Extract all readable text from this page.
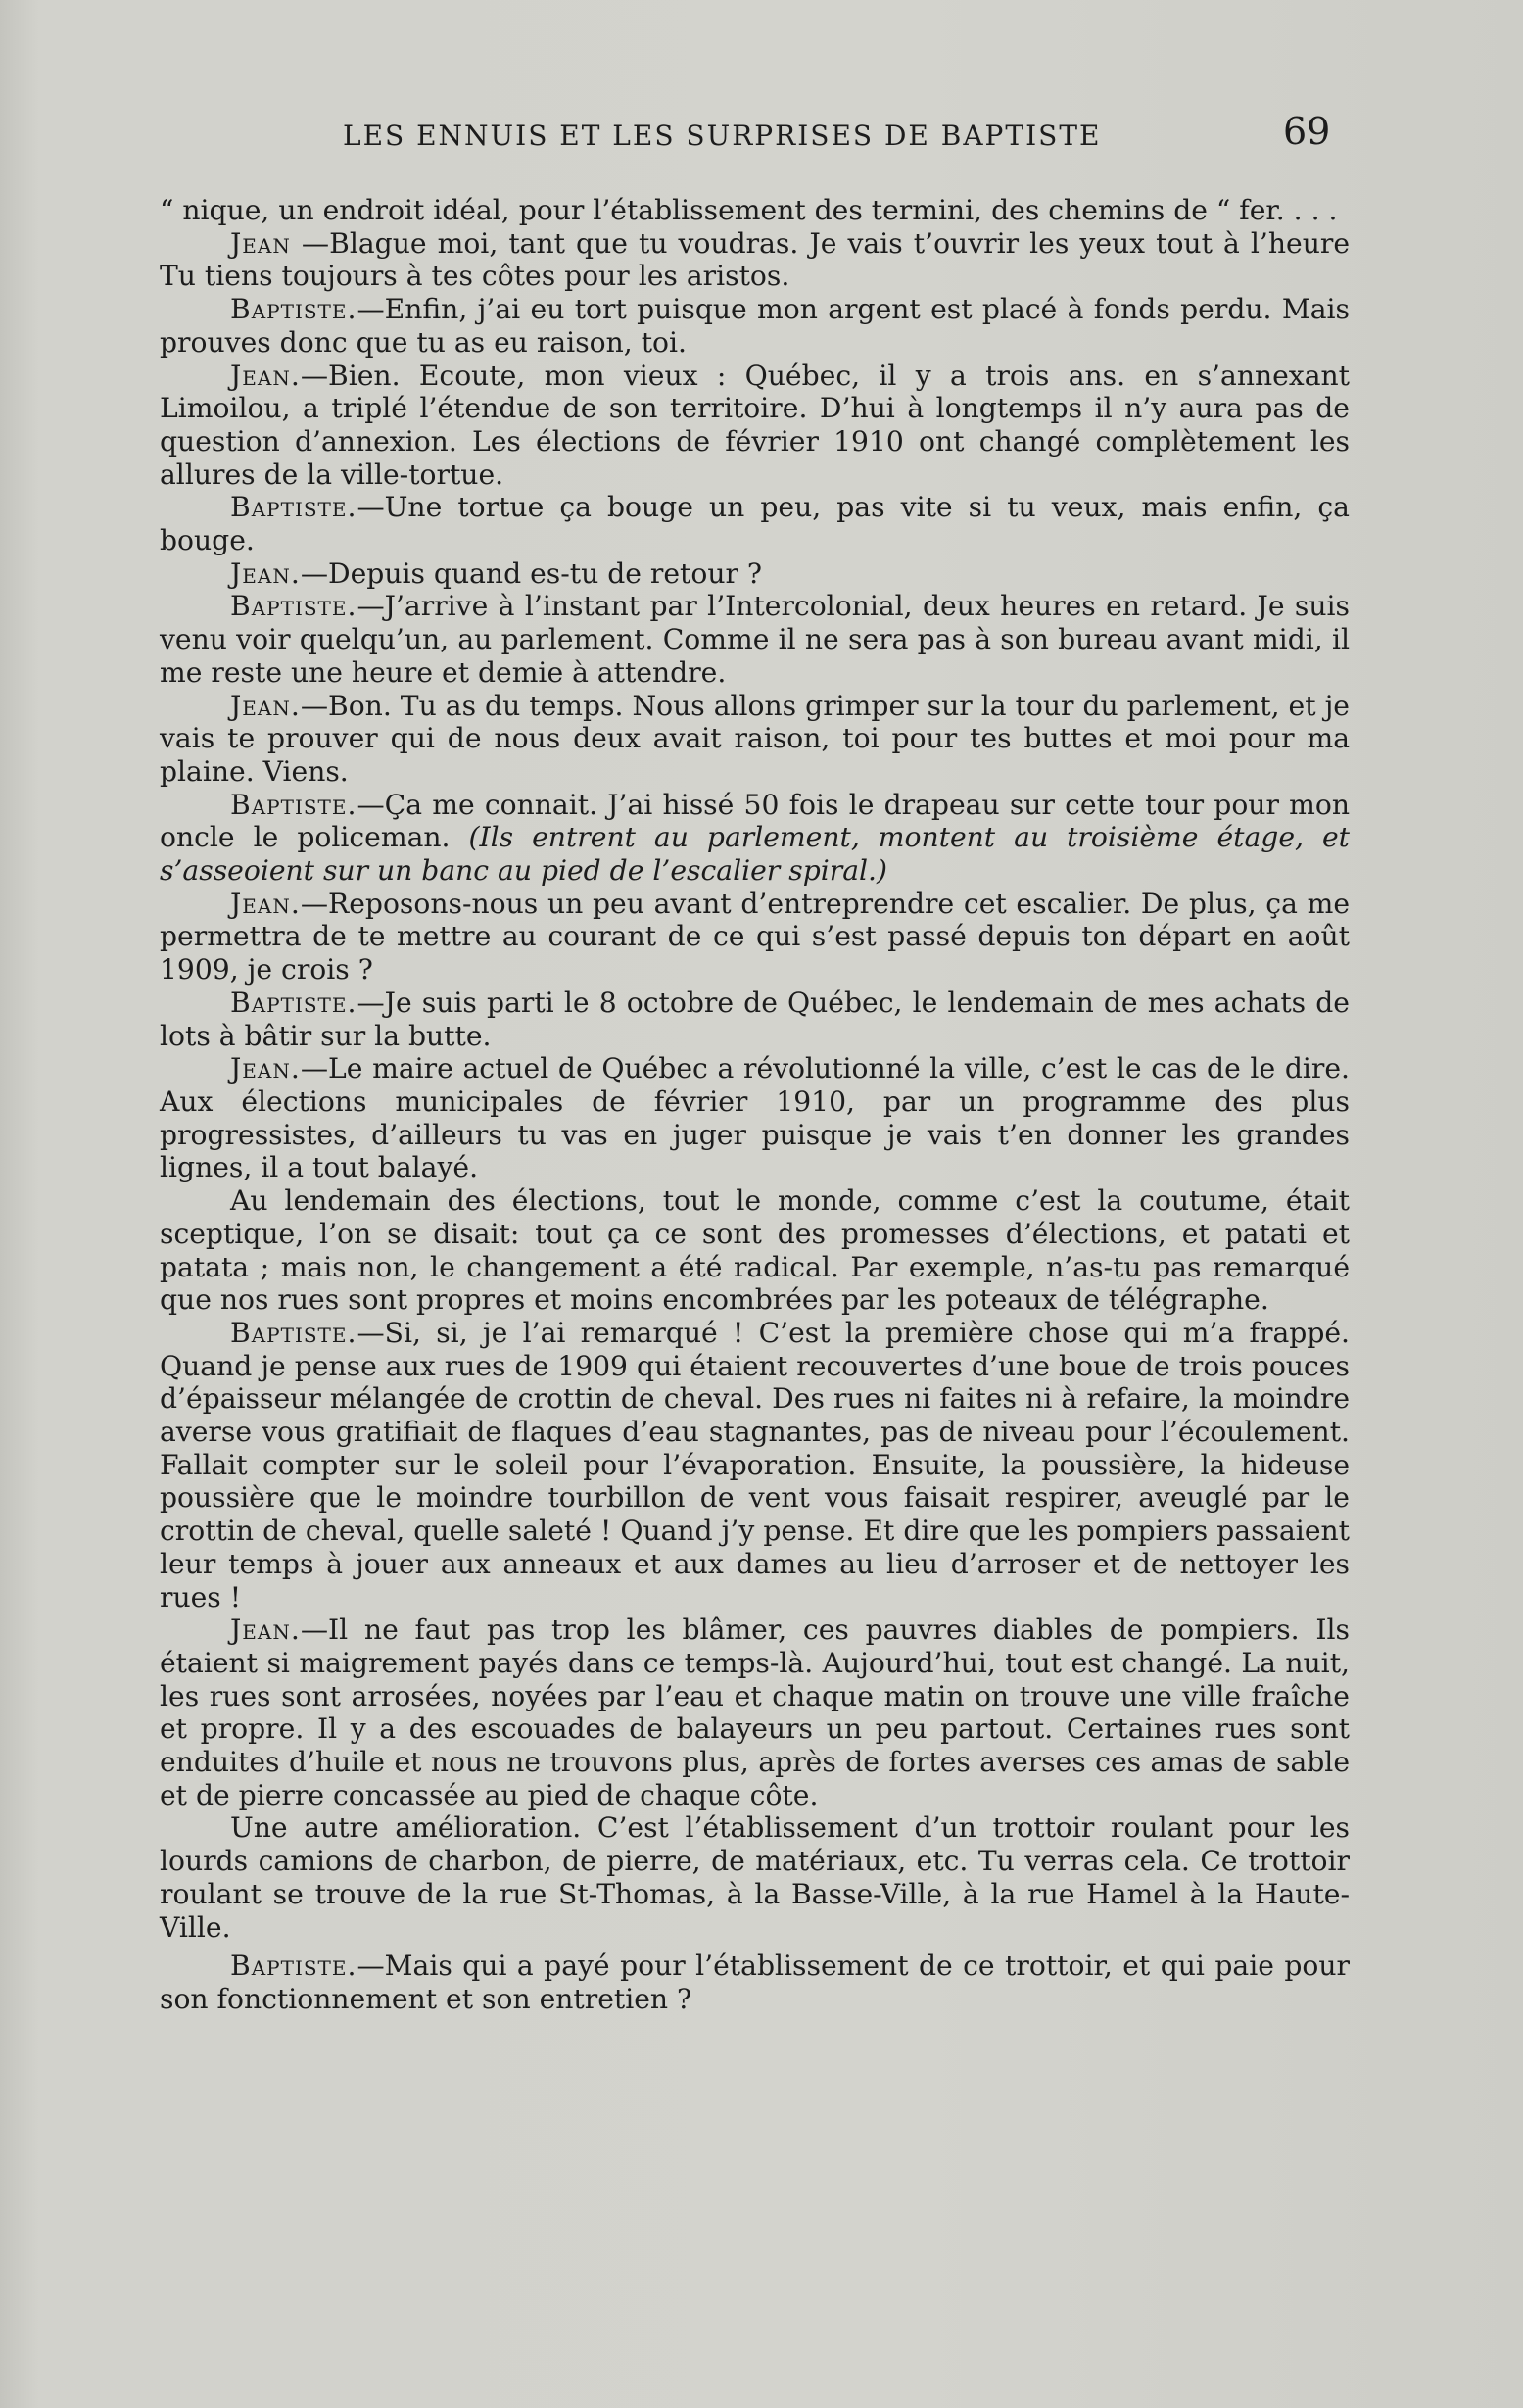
LES ENNUIS ET LES SURPRISES DE BAPTISTE	69

“ nique, un endroit idéal, pour l’établissement des termini, des chemins de “ fer. . . .

Jean —Blague moi, tant que tu voudras. Je vais t’ouvrir les yeux tout à l’heure Tu tiens toujours à tes côtes pour les aristos.

Baptiste.—Enfin, j’ai eu tort puisque mon argent est placé à fonds perdu. Mais prouves donc que tu as eu raison, toi.

Jean.—Bien. Ecoute, mon vieux : Québec, il y a trois ans. en s’annexant Limoilou, a triplé l’étendue de son territoire. D’hui à longtemps il n’y aura pas de question d’annexion. Les élections de février 1910 ont changé complètement les allures de la ville-tortue.

Baptiste.—Une tortue ça bouge un peu, pas vite si tu veux, mais enfin, ça bouge.

Jean.—Depuis quand es-tu de retour ?

Baptiste.—J’arrive à l’instant par l’Intercolonial, deux heures en retard. Je suis venu voir quelqu’un, au parlement. Comme il ne sera pas à son bureau avant midi, il me reste une heure et demie à attendre.

Jean.—Bon. Tu as du temps. Nous allons grimper sur la tour du parlement, et je vais te prouver qui de nous deux avait raison, toi pour tes buttes et moi pour ma plaine. Viens.

Baptiste.—Ça me connait. J’ai hissé 50 fois le drapeau sur cette tour pour mon oncle le policeman. (Ils entrent au parlement, montent au troisième étage, et s’asseoient sur un banc au pied de l’escalier spiral.)

Jean.—Reposons-nous un peu avant d’entreprendre cet escalier. De plus, ça me permettra de te mettre au courant de ce qui s’est passé depuis ton départ en août 1909, je crois ?

Baptiste.—Je suis parti le 8 octobre de Québec, le lendemain de mes achats de lots à bâtir sur la butte.

Jean.—Le maire actuel de Québec a révolutionné la ville, c’est le cas de le dire. Aux élections municipales de février 1910, par un programme des plus progressistes, d’ailleurs tu vas en juger puisque je vais t’en donner les grandes lignes, il a tout balayé.

Au lendemain des élections, tout le monde, comme c’est la coutume, était sceptique, l’on se disait: tout ça ce sont des promesses d’élections, et patati et patata ; mais non, le changement a été radical. Par exemple, n’as-tu pas remarqué que nos rues sont propres et moins encombrées par les poteaux de télégraphe.

Baptiste.—Si, si, je l’ai remarqué ! C’est la première chose qui m’a frappé. Quand je pense aux rues de 1909 qui étaient recouvertes d’une boue de trois pouces d’épaisseur mélangée de crottin de cheval. Des rues ni faites ni à refaire, la moindre averse vous gratifiait de flaques d’eau stagnantes, pas de niveau pour l’écoulement. Fallait compter sur le soleil pour l’évaporation. Ensuite, la poussière, la hideuse poussière que le moindre tourbillon de vent vous faisait respirer, aveuglé par le crottin de cheval, quelle saleté ! Quand j’y pense. Et dire que les pompiers passaient leur temps à jouer aux anneaux et aux dames au lieu d’arroser et de nettoyer les rues !

Jean.—Il ne faut pas trop les blâmer, ces pauvres diables de pompiers. Ils étaient si maigrement payés dans ce temps-là. Aujourd’hui, tout est changé. La nuit, les rues sont arrosées, noyées par l’eau et chaque matin on trouve une ville fraîche et propre. Il y a des escouades de balayeurs un peu partout. Certaines rues sont enduites d’huile et nous ne trouvons plus, après de fortes averses ces amas de sable et de pierre concassée au pied de chaque côte.

Une autre amélioration. C’est l’établissement d’un trottoir roulant pour les lourds camions de charbon, de pierre, de matériaux, etc. Tu verras cela. Ce trottoir roulant se trouve de la rue St-Thomas, à la Basse-Ville, à la rue Hamel à la Haute-Ville.

Baptiste.—Mais qui a payé pour l’établissement de ce trottoir, et qui paie pour son fonctionnement et son entretien ?
